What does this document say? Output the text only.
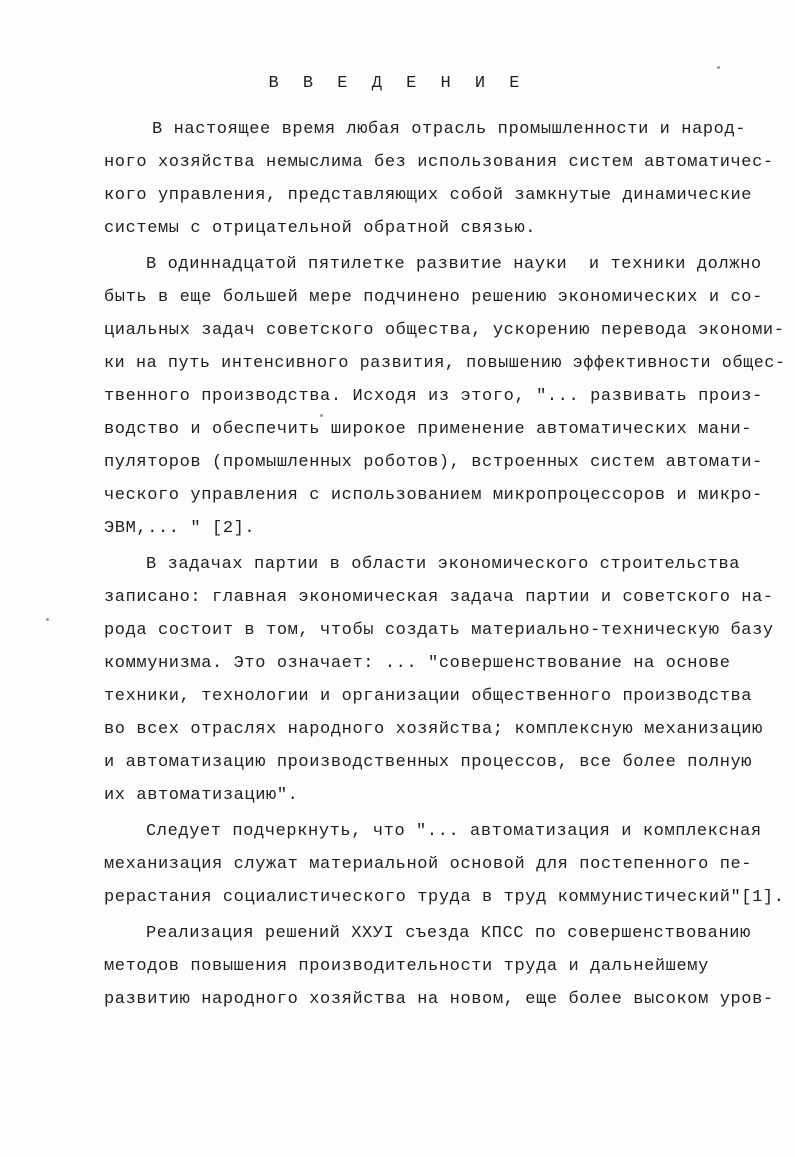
В В Е Д Е Н И Е
В настоящее время любая отрасль промышленности и народ-
ного хозяйства немыслима без использования систем автоматичес-
кого управления, представляющих собой замкнутые динамические
системы с отрицательной обратной связью.
В одиннадцатой пятилетке развитие науки  и техники должно
быть в еще большей мере подчинено решению экономических и со-
циальных задач советского общества, ускорению перевода экономи-
ки на путь интенсивного развития, повышению эффективности общес-
твенного производства. Исходя из этого, "... развивать произ-
водство и обеспечить широкое применение автоматических мани-
пуляторов (промышленных роботов), встроенных систем автомати-
ческого управления с использованием микропроцессоров и микро-
ЭВМ,... " [2].
В задачах партии в области экономического строительства
записано: главная экономическая задача партии и советского на-
рода состоит в том, чтобы создать материально-техническую базу
коммунизма. Это означает: ... "совершенствование на основе
техники, технологии и организации общественного производства
во всех отраслях народного хозяйства; комплексную механизацию
и автоматизацию производственных процессов, все более полную
их автоматизацию".
Следует подчеркнуть, что "... автоматизация и комплексная
механизация служат материальной основой для постепенного пе-
рерастания социалистического труда в труд коммунистический"[1].
Реализация решений XXУI съезда КПСС по совершенствованию
методов повышения производительности труда и дальнейшему
развитию народного хозяйства на новом, еще более высоком уров-
